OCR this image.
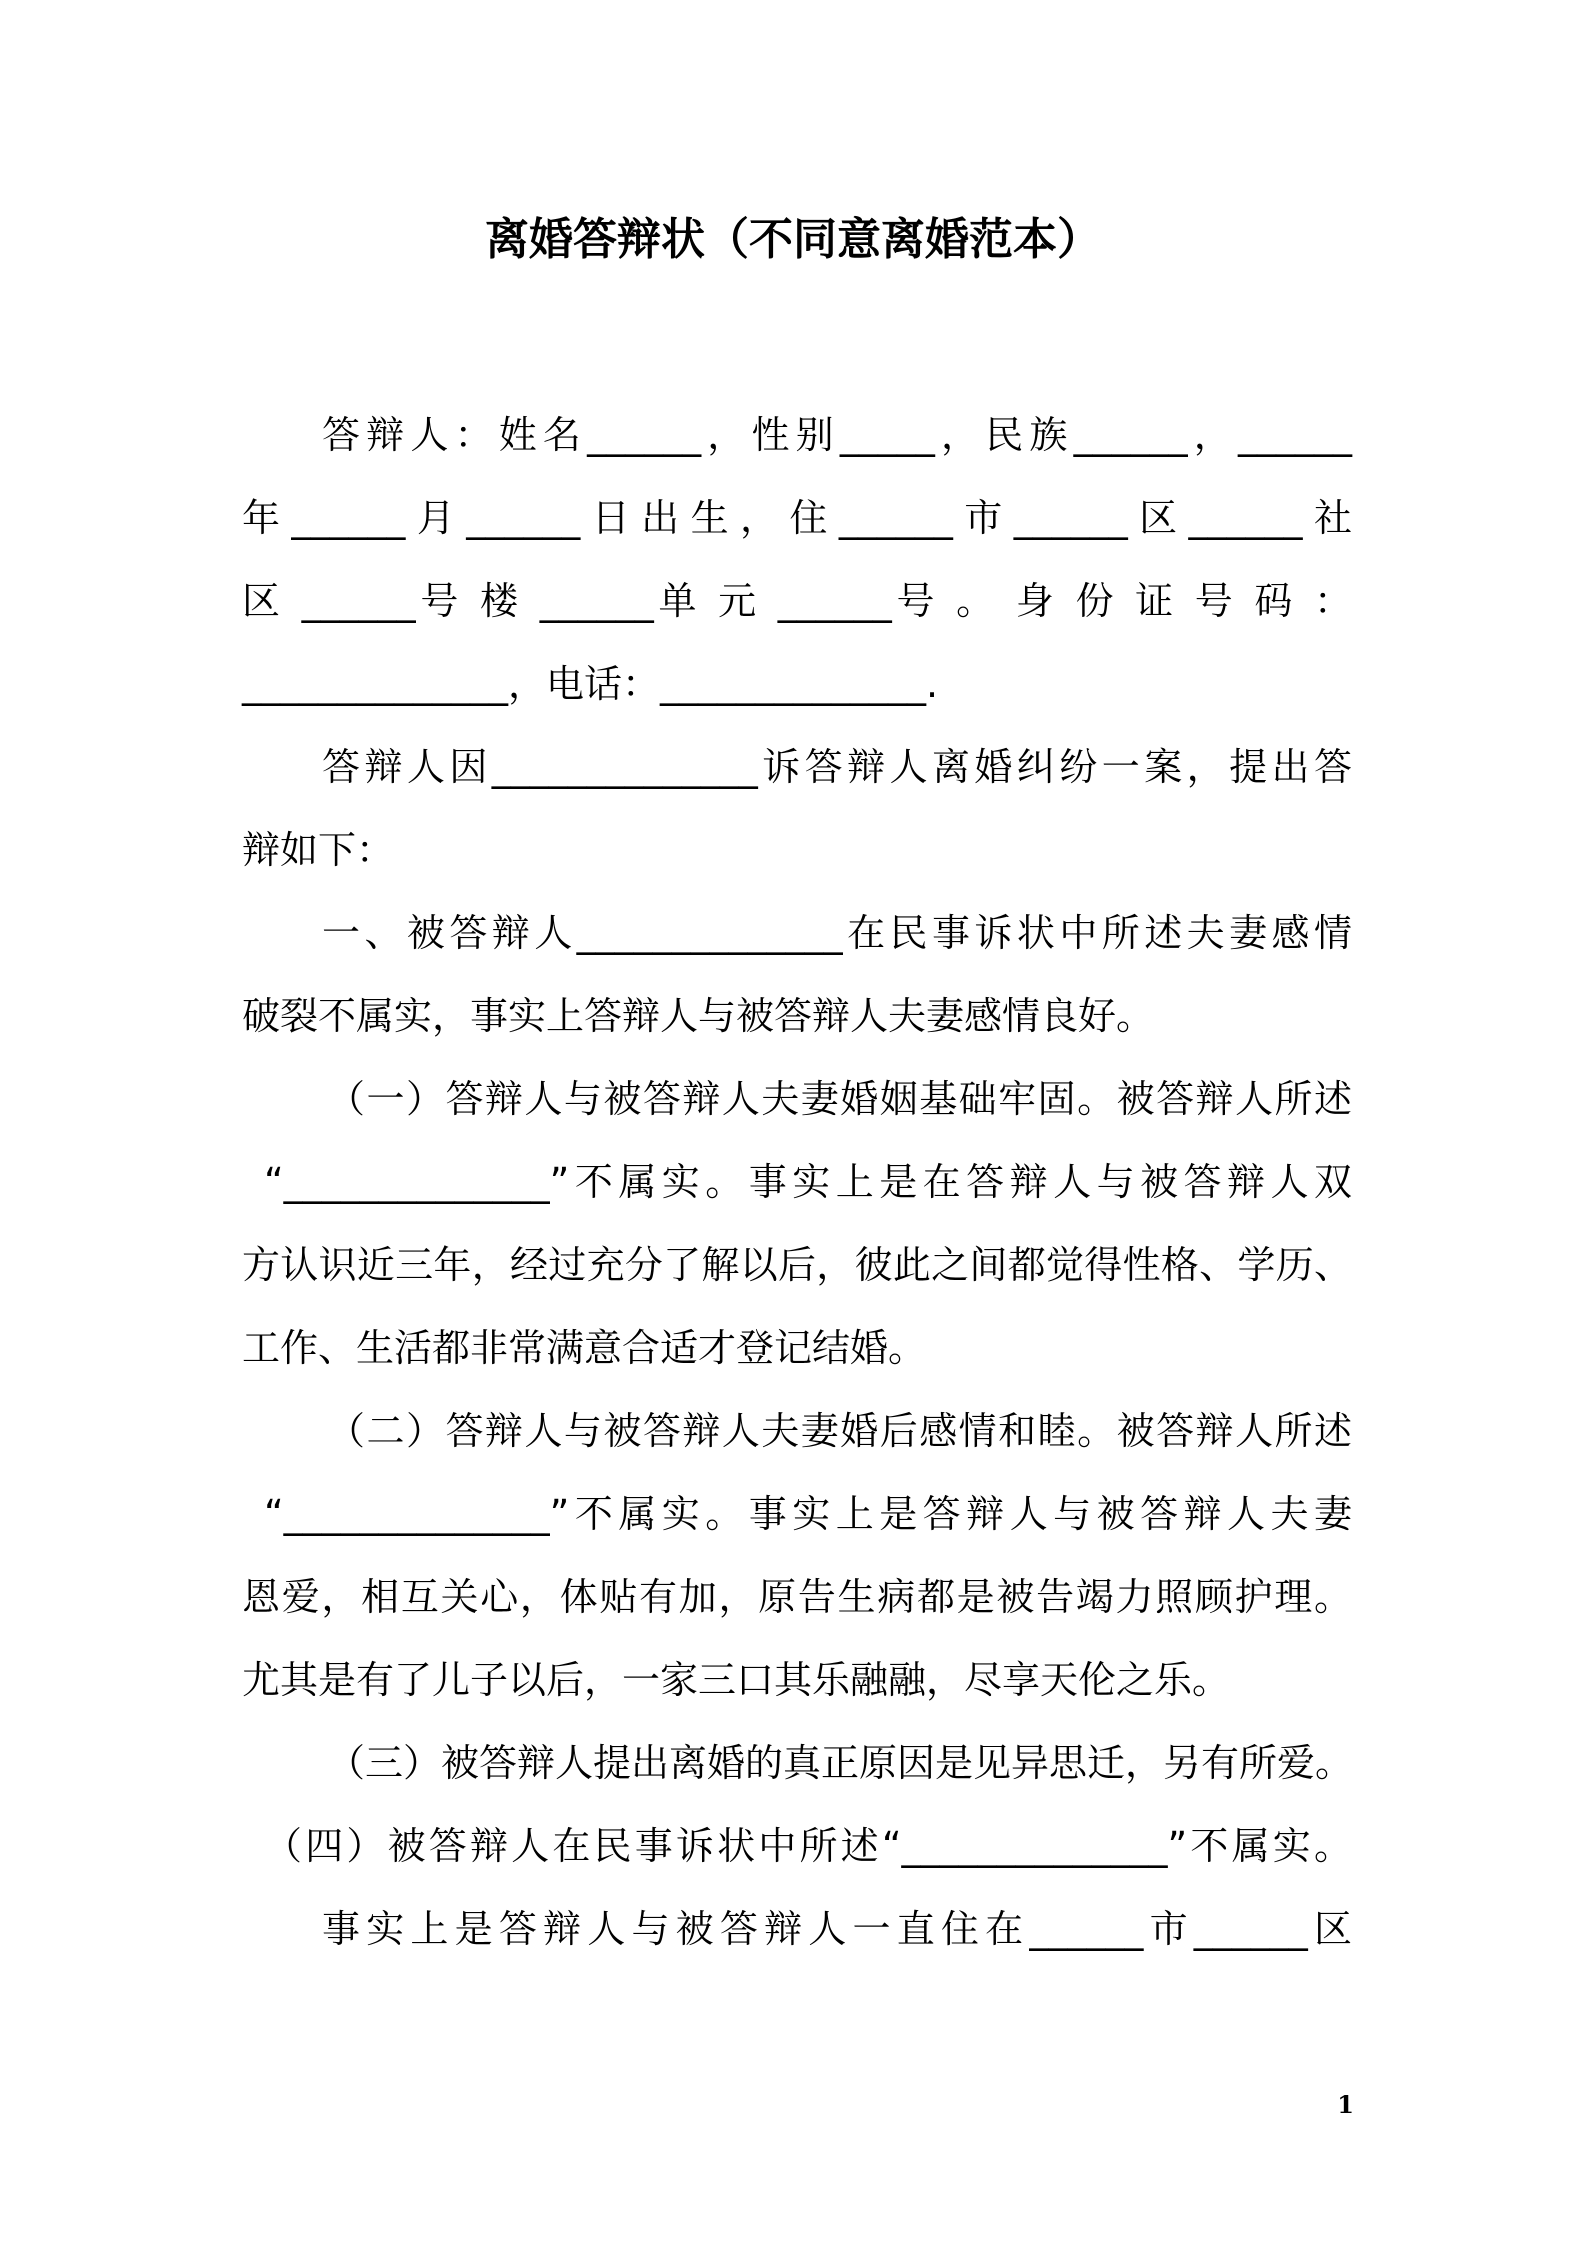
离婚答辩状（不同意离婚范本）
答辩人：姓名______，性别_____，民族______，______
年______月______日出生，住______市______区______社
区 ______号 楼 ______单 元 ______号 。 身 份 证 号 码 ：
______________，电话：______________.
答辩人因______________诉答辩人离婚纠纷一案，提出答
辩如下：
一、被答辩人______________在民事诉状中所述夫妻感情
破裂不属实，事实上答辩人与被答辩人夫妻感情良好。
（一）答辩人与被答辩人夫妻婚姻基础牢固。被答辩人所述
“______________”不属实。事实上是在答辩人与被答辩人双
方认识近三年，经过充分了解以后，彼此之间都觉得性格、学历、
工作、生活都非常满意合适才登记结婚。
（二）答辩人与被答辩人夫妻婚后感情和睦。被答辩人所述
“______________”不属实。事实上是答辩人与被答辩人夫妻
恩爱，相互关心，体贴有加，原告生病都是被告竭力照顾护理。
尤其是有了儿子以后，一家三口其乐融融，尽享天伦之乐。
（三）被答辩人提出离婚的真正原因是见异思迁，另有所爱。
（四）被答辩人在民事诉状中所述“______________”不属实。
事实上是答辩人与被答辩人一直住在______市______区
1
